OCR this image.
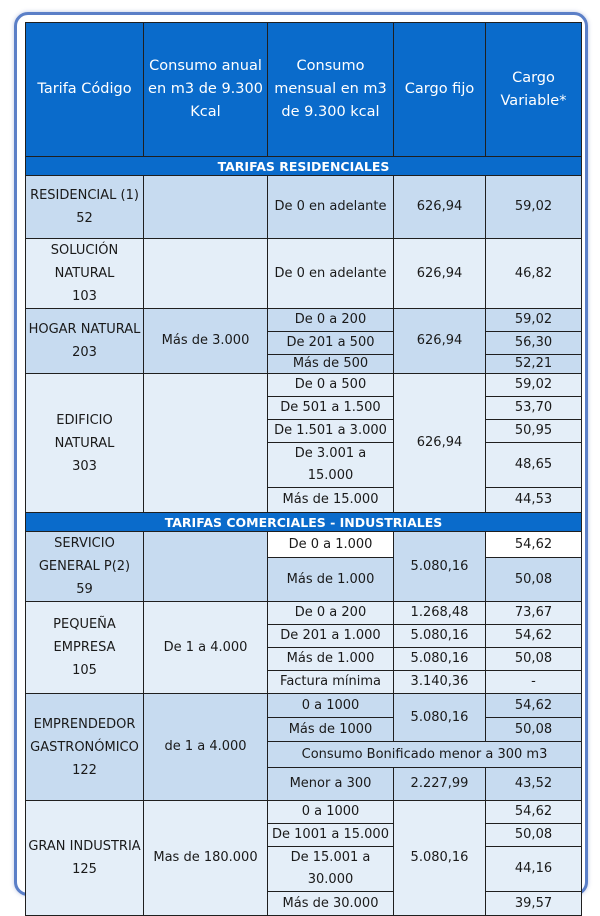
Tarifa Código	Consumo anual en m3 de 9.300 Kcal	Consumo mensual en m3 de 9.300 kcal	Cargo fijo	Cargo Variable*
TARIFAS RESIDENCIALES				

RESIDENCIAL (1)
52		De 0 en adelante	626,94	59,02

SOLUCIÓN NATURAL
103		De 0 en adelante	626,94	46,82

HOGAR NATURAL
203	Más de 3.000	De 0 a 200	626,94	59,02
		De 201 a 500		56,30
		Más de 500		52,21

EDIFICIO NATURAL
303		De 0 a 500	626,94	59,02
		De 501 a 1.500		53,70
		De 1.501 a 3.000		50,95
		De 3.001 a 15.000		48,65
		Más de 15.000		44,53
TARIFAS COMERCIALES - INDUSTRIALES				

SERVICIO GENERAL P(2)
59		De 0 a 1.000	5.080,16	54,62
		Más de 1.000		50,08

PEQUEÑA EMPRESA
105	De 1 a 4.000	De 0 a 200	1.268,48	73,67
		De 201 a 1.000	5.080,16	54,62
		Más de 1.000	5.080,16	50,08
		Factura mínima	3.140,36	-

EMPRENDEDOR GASTRONÓMICO
122	de 1 a 4.000	0 a 1000	5.080,16	54,62
		Más de 1000		50,08
		Consumo Bonificado menor a 300 m3		
		Menor a 300	2.227,99	43,52

GRAN INDUSTRIA
125	Mas de 180.000	0 a 1000	5.080,16	54,62
		De 1001 a 15.000		50,08
		De 15.001 a 30.000		44,16
		Más de 30.000		39,57
